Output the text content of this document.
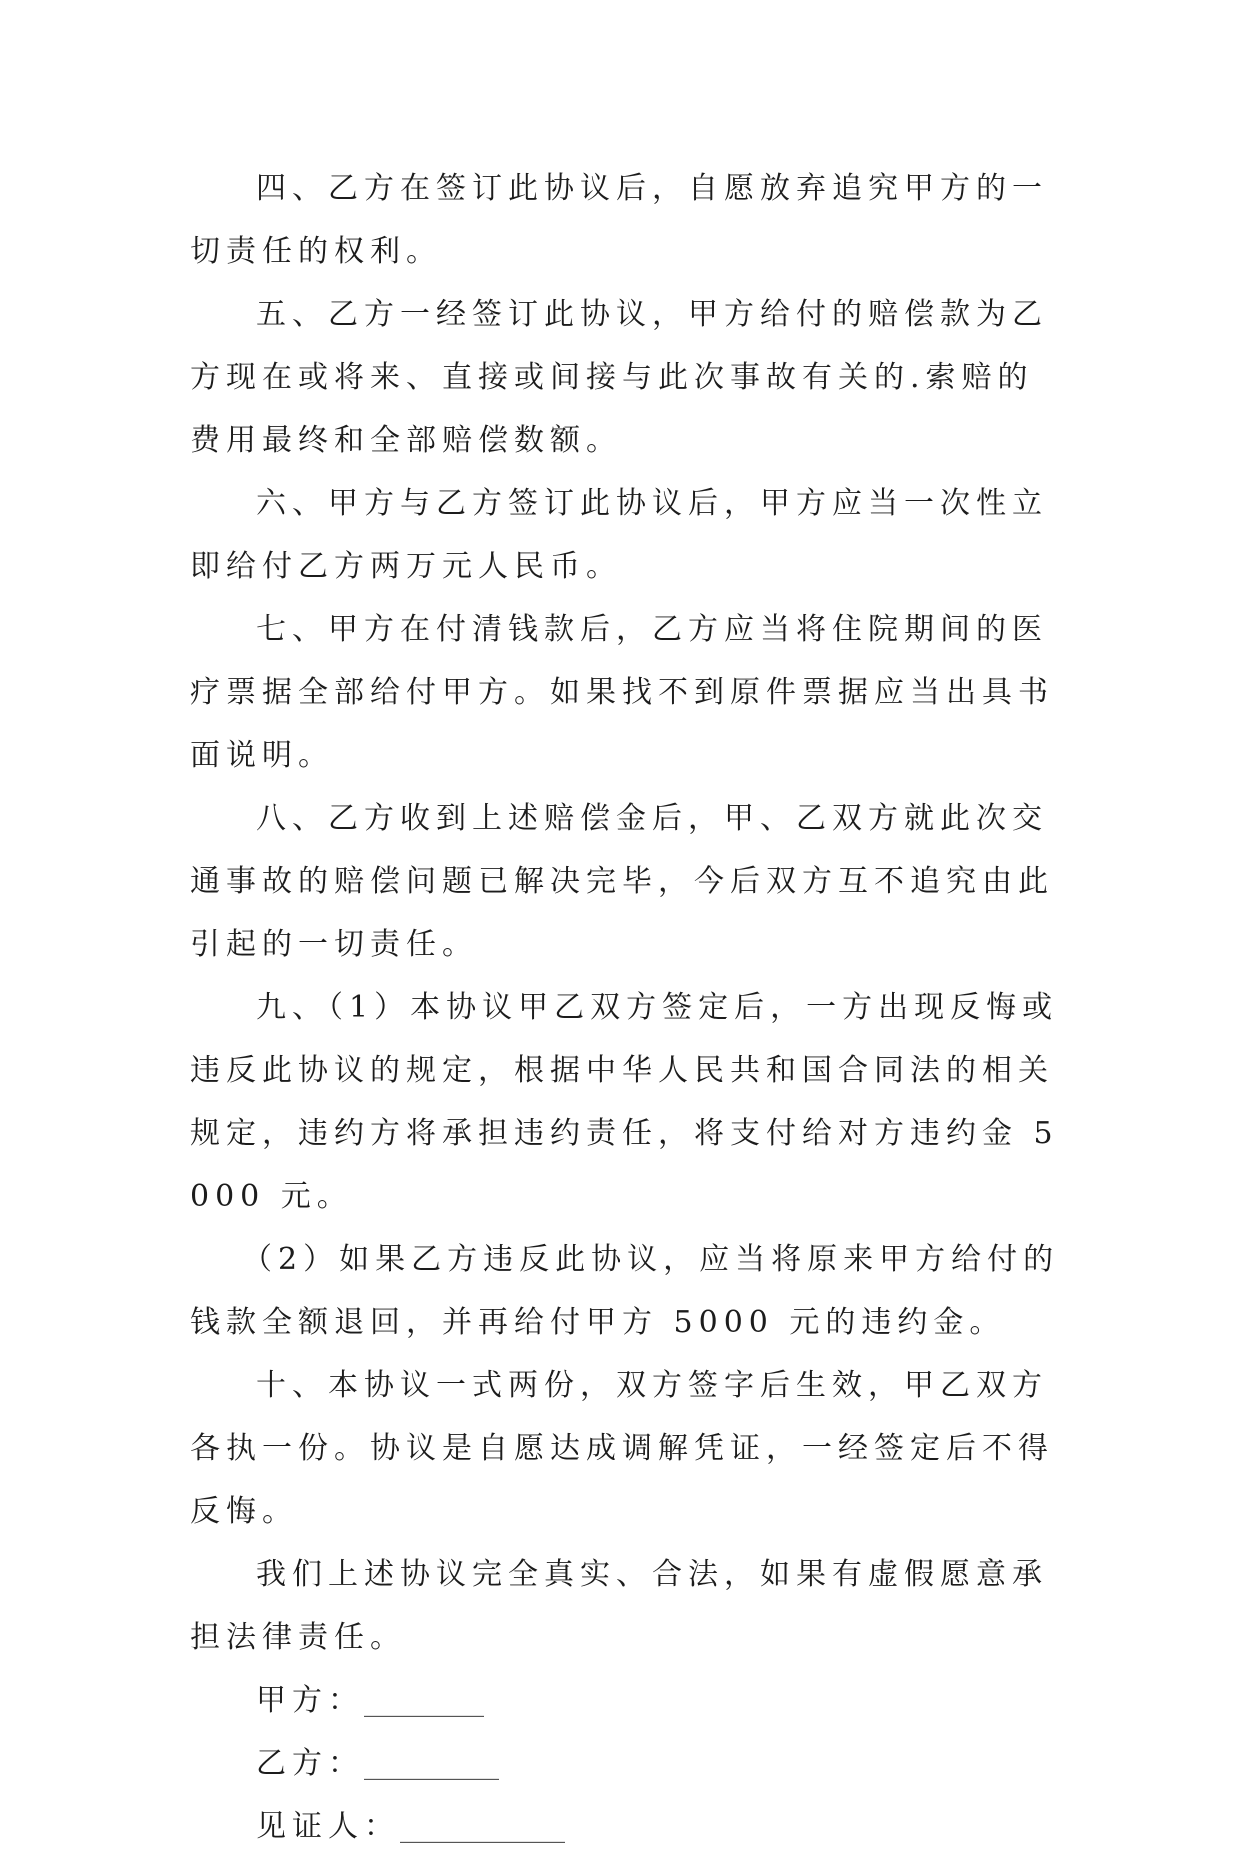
四、乙方在签订此协议后，自愿放弃追究甲方的一切责任的权利。

五、乙方一经签订此协议，甲方给付的赔偿款为乙方现在或将来、直接或间接与此次事故有关的.索赔的费用最终和全部赔偿数额。

六、甲方与乙方签订此协议后，甲方应当一次性立即给付乙方两万元人民币。

七、甲方在付清钱款后，乙方应当将住院期间的医疗票据全部给付甲方。如果找不到原件票据应当出具书面说明。

八、乙方收到上述赔偿金后，甲、乙双方就此次交通事故的赔偿问题已解决完毕，今后双方互不追究由此引起的一切责任。

九、（1）本协议甲乙双方签定后，一方出现反悔或违反此协议的规定，根据中华人民共和国合同法的相关规定，违约方将承担违约责任，将支付给对方违约金 5000 元。

（2）如果乙方违反此协议，应当将原来甲方给付的钱款全额退回，并再给付甲方 5000 元的违约金。

十、本协议一式两份，双方签字后生效，甲乙双方各执一份。协议是自愿达成调解凭证，一经签定后不得反悔。

我们上述协议完全真实、合法，如果有虚假愿意承担法律责任。

甲方：________

乙方：_________

见证人：___________
